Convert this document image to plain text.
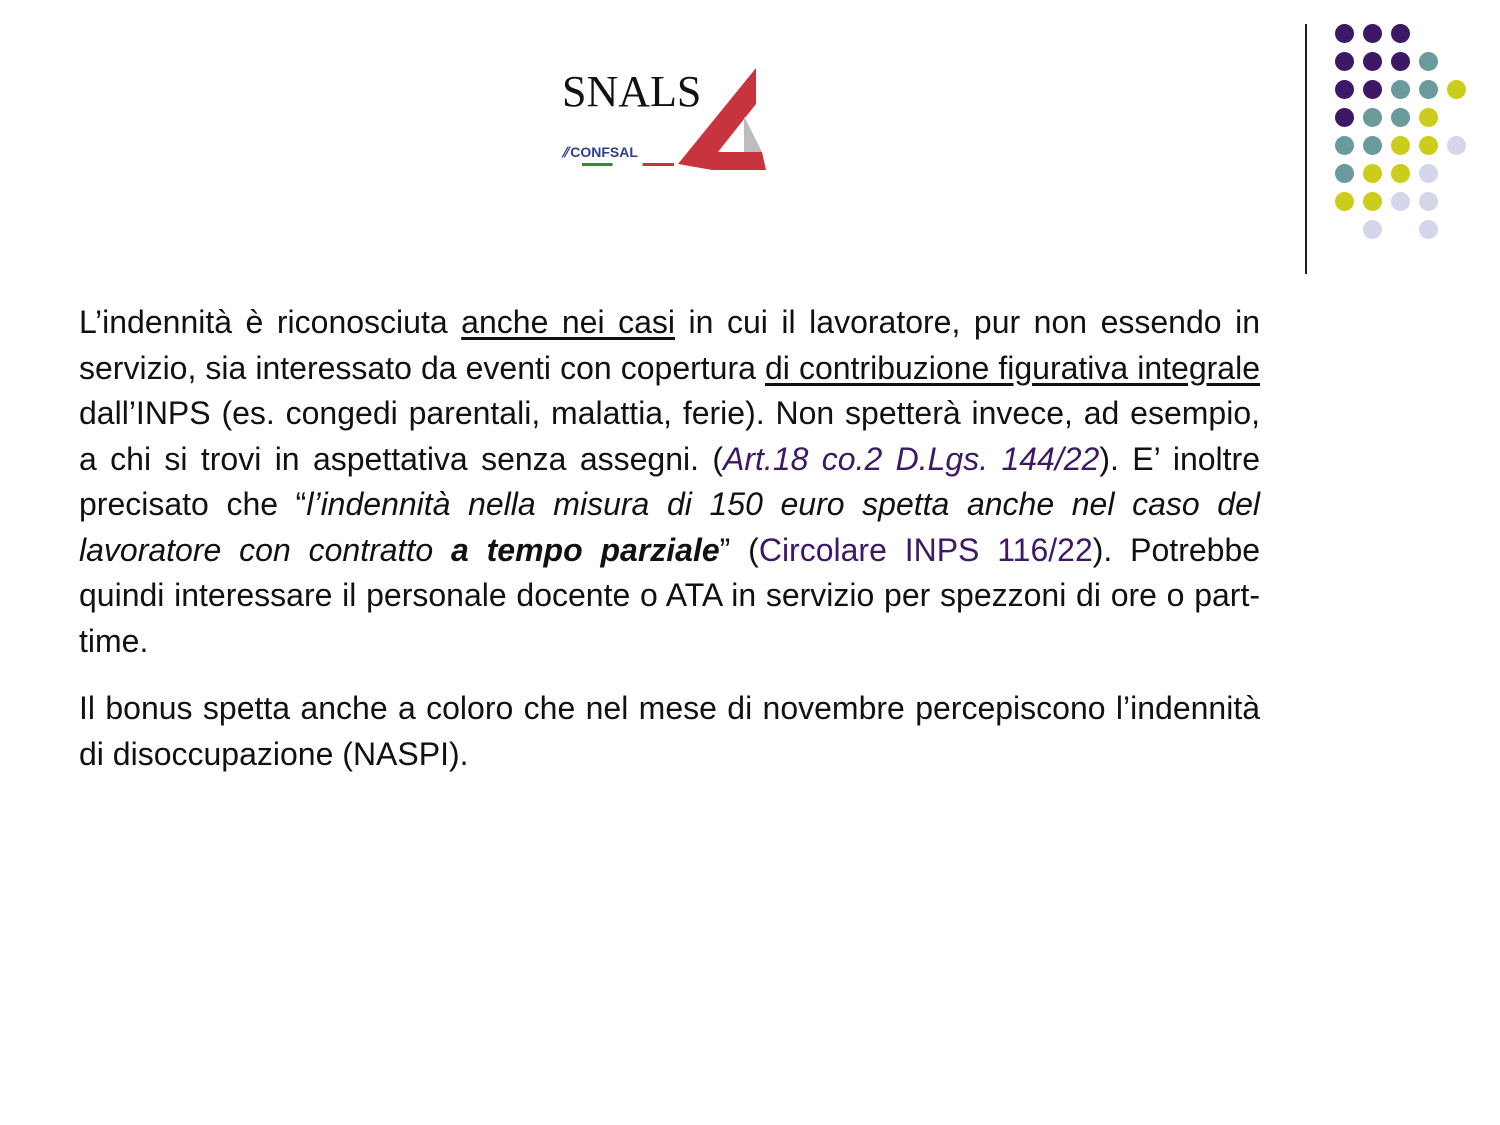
SNALS
⫽ CONFSAL

L’indennità è riconosciuta anche nei casi in cui il lavoratore, pur non essendo in servizio, sia interessato da eventi con copertura di contribuzione figurativa integrale dall’INPS (es. congedi parentali, malattia, ferie). Non spetterà invece, ad esempio, a chi si trovi in aspettativa senza assegni. (Art.18 co.2 D.Lgs. 144/22). E’ inoltre precisato che “l’indennità nella misura di 150 euro spetta anche nel caso del lavoratore con contratto a tempo parziale” (Circolare INPS 116/22). Potrebbe quindi interessare il personale docente o ATA in servizio per spezzoni di ore o part-time.

Il bonus spetta anche a coloro che nel mese di novembre percepiscono l’indennità di disoccupazione (NASPI).
